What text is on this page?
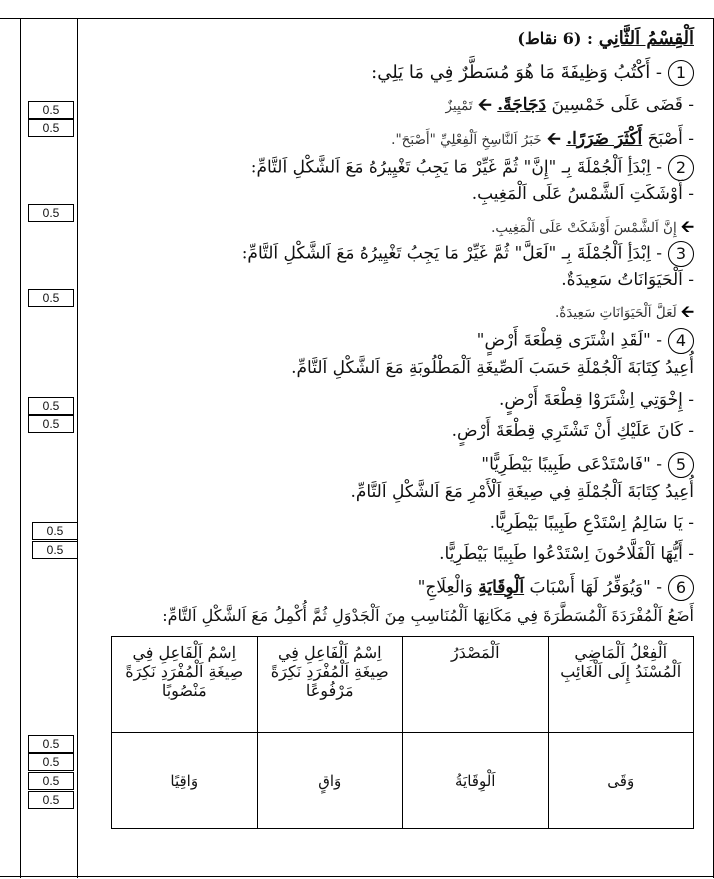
0.5
0.5
0.5
0.5
0.5
0.5
0.5
0.5
0.5
0.5
0.5
0.5
اَلْقِسْمُ اَلثَّانِي : (6 نقاط)
1- أَكْتُبُ وَظِيفَةَ مَا هُوَ مُسَطَّرٌ فِي مَا يَلِي:
- قَضَى عَلَى خَمْسِينَ دَجَاجَةً. 🡨 تَمْيِيزٌ
- أَصْبَحَ أَكْثَرَ ضَرَرًا. 🡨 خَبَرُ اَلنَّاسِخِ اَلْفِعْلِيِّ "أَصْبَحَ".
2- اِبْدَأِ اَلْجُمْلَةَ بِـ "إِنَّ" ثُمَّ غَيِّرْ مَا يَجِبُ تَغْيِيرُهُ مَعَ اَلشَّكْلِ اَلتَّامِّ:
- أَوْشَكَتِ اَلشَّمْسُ عَلَى اَلْمَغِيبِ.
🡨 إِنَّ اَلشَّمْسَ أَوْشَكَتْ عَلَى اَلْمَغِيبِ.
3- اِبْدَأِ اَلْجُمْلَةَ بِـ "لَعَلَّ" ثُمَّ غَيِّرْ مَا يَجِبُ تَغْيِيرُهُ مَعَ اَلشَّكْلِ اَلتَّامِّ:
- اَلْحَيَوَانَاتُ سَعِيدَةٌ.
🡨 لَعَلَّ اَلْحَيَوَانَاتِ سَعِيدَةٌ.
4- "لَقَدِ اشْتَرَى قِطْعَةَ أَرْضٍ"
أُعِيدُ كِتَابَةَ اَلْجُمْلَةِ حَسَبَ اَلصِّيغَةِ اَلْمَطْلُوبَةِ مَعَ اَلشَّكْلِ اَلتَّامِّ.
- إِخْوَتِي اِشْتَرَوْا قِطْعَةَ أَرْضٍ.
- كَانَ عَلَيْكِ أَنْ تَشْتَرِي قِطْعَةَ أَرْضٍ.
5- "فَاسْتَدْعَى طَبِيبًا بَيْطَرِيًّا"
أُعِيدُ كِتَابَةَ اَلْجُمْلَةِ فِي صِيغَةِ اَلْأَمْرِ مَعَ اَلشَّكْلِ اَلتَّامِّ.
- يَا سَالِمُ اِسْتَدْعِ طَبِيبًا بَيْطَرِيًّا.
- أَيُّهَا اَلْفَلَّاحُونَ اِسْتَدْعُوا طَبِيبًا بَيْطَرِيًّا.
6- "وَيُوَفِّرُ لَهَا أَسْبَابَ اَلْوِقَايَةِ وَالْعِلَاجِ"
أَضَعُ اَلْمُفْرَدَةَ اَلْمُسَطَّرَةَ فِي مَكَانِهَا اَلْمُنَاسِبِ مِنَ اَلْجَدْوَلِ ثُمَّ أُكْمِلُ مَعَ اَلشَّكْلِ اَلتَّامِّ:
اَلْفِعْلُ اَلْمَاضِي اَلْمُسْنَدُ إِلَى اَلْغَائِبِ	اَلْمَصْدَرُ	اِسْمُ اَلْفَاعِلِ فِي صِيغَةِ اَلْمُفْرَدِ نَكِرَةً مَرْفُوعًا	اِسْمُ اَلْفَاعِلِ فِي صِيغَةِ اَلْمُفْرَدِ نَكِرَةً مَنْصُوبًا
وَقَى	اَلْوِقَايَةُ	وَاقٍ	وَاقِيًا
